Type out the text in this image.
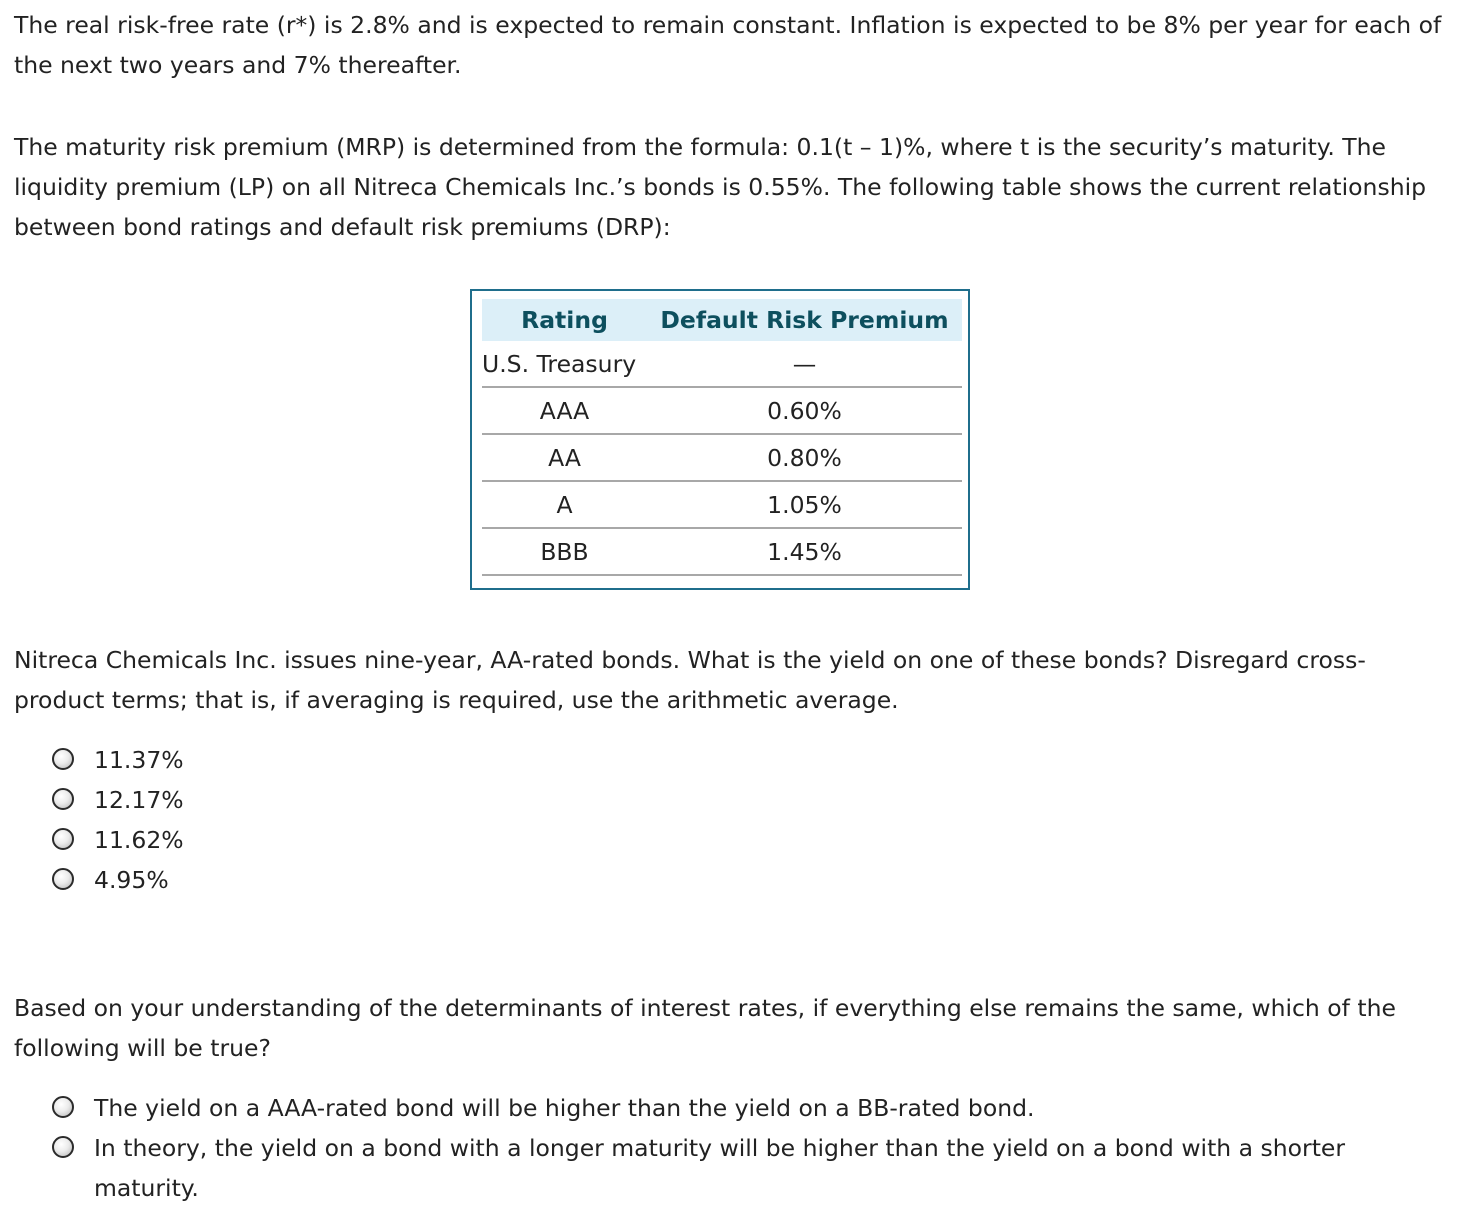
The real risk-free rate (r*) is 2.8% and is expected to remain constant. Inflation is expected to be 8% per year for each of the next two years and 7% thereafter.

The maturity risk premium (MRP) is determined from the formula: 0.1(t – 1)%, where t is the security’s maturity. The liquidity premium (LP) on all Nitreca Chemicals Inc.’s bonds is 0.55%. The following table shows the current relationship between bond ratings and default risk premiums (DRP):

Rating	Default Risk Premium
U.S. Treasury	—
AAA	0.60%
AA	0.80%
A	1.05%
BBB	1.45%

Nitreca Chemicals Inc. issues nine-year, AA-rated bonds. What is the yield on one of these bonds? Disregard cross-product terms; that is, if averaging is required, use the arithmetic average.

11.37%
12.17%
11.62%
4.95%

Based on your understanding of the determinants of interest rates, if everything else remains the same, which of the following will be true?

The yield on a AAA-rated bond will be higher than the yield on a BB-rated bond.
In theory, the yield on a bond with a longer maturity will be higher than the yield on a bond with a shorter maturity.
